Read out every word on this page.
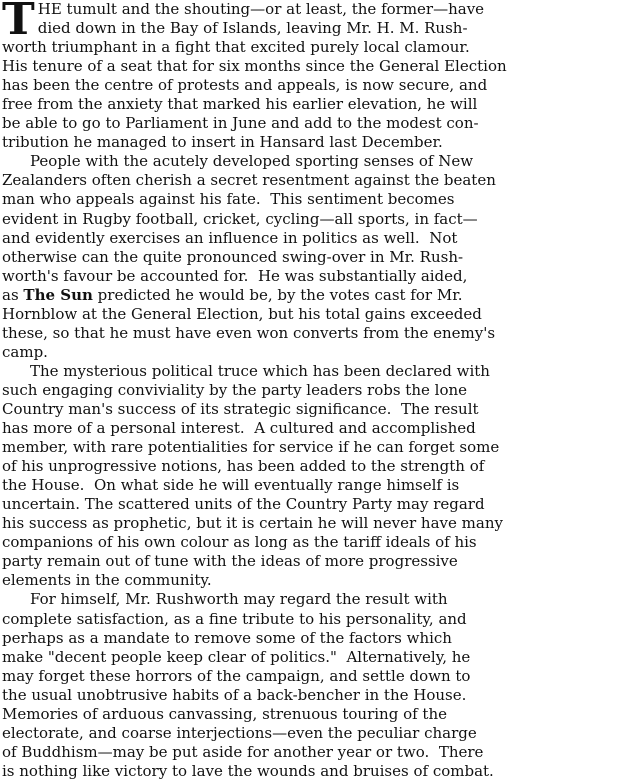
T HE tumult and the shouting—or at least, the former—have
died down in the Bay of Islands, leaving Mr. H. M. Rush-
worth triumphant in a fight that excited purely local clamour.
His tenure of a seat that for six months since the General Election
has been the centre of protests and appeals, is now secure, and
free from the anxiety that marked his earlier elevation, he will
be able to go to Parliament in June and add to the modest con-
tribution he managed to insert in Hansard last December.
People with the acutely developed sporting senses of New
Zealanders often cherish a secret resentment against the beaten
man who appeals against his fate.  This sentiment becomes
evident in Rugby football, cricket, cycling—all sports, in fact—
and evidently exercises an influence in politics as well.  Not
otherwise can the quite pronounced swing-over in Mr. Rush-
worth's favour be accounted for.  He was substantially aided,
as The Sun predicted he would be, by the votes cast for Mr.
Hornblow at the General Election, but his total gains exceeded
these, so that he must have even won converts from the enemy's
camp.
The mysterious political truce which has been declared with
such engaging conviviality by the party leaders robs the lone
Country man's success of its strategic significance.  The result
has more of a personal interest.  A cultured and accomplished
member, with rare potentialities for service if he can forget some
of his unprogressive notions, has been added to the strength of
the House.  On what side he will eventually range himself is
uncertain. The scattered units of the Country Party may regard
his success as prophetic, but it is certain he will never have many
companions of his own colour as long as the tariff ideals of his
party remain out of tune with the ideas of more progressive
elements in the community.
For himself, Mr. Rushworth may regard the result with
complete satisfaction, as a fine tribute to his personality, and
perhaps as a mandate to remove some of the factors which
make "decent people keep clear of politics."  Alternatively, he
may forget these horrors of the campaign, and settle down to
the usual unobtrusive habits of a back-bencher in the House.
Memories of arduous canvassing, strenuous touring of the
electorate, and coarse interjections—even the peculiar charge
of Buddhism—may be put aside for another year or two.  There
is nothing like victory to lave the wounds and bruises of combat.
